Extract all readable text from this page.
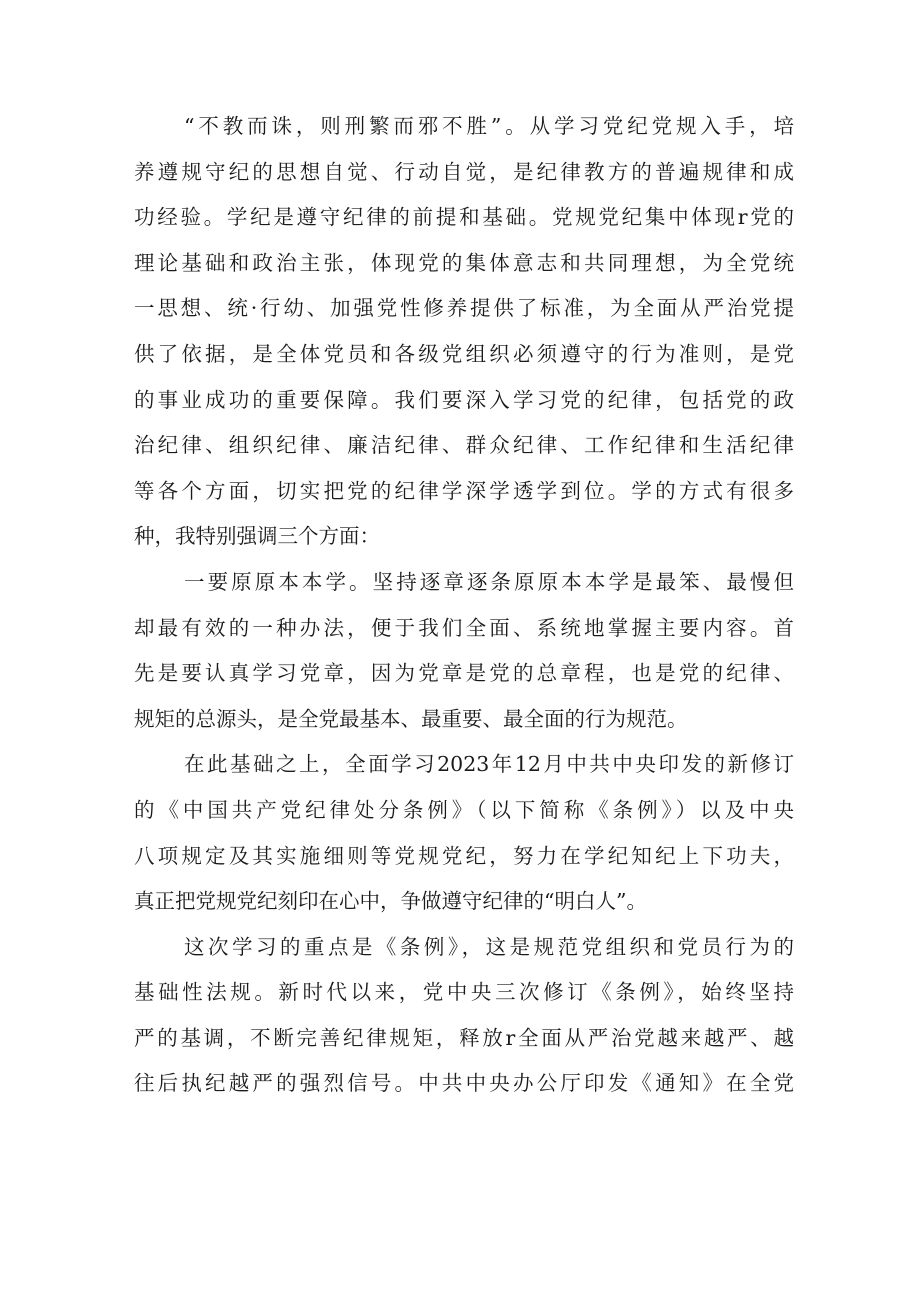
“不教而诛，则刑繁而邪不胜”。从学习党纪党规入手，培
养遵规守纪的思想自觉、行动自觉，是纪律教方的普遍规律和成
功经验。学纪是遵守纪律的前提和基础。党规党纪集中体现r党的
理论基础和政治主张，体现党的集体意志和共同理想，为全党统
一思想、统·行幼、加强党性修养提供了标准，为全面从严治党提
供了依据，是全体党员和各级党组织必须遵守的行为准则，是党
的事业成功的重要保障。我们要深入学习党的纪律，包括党的政
治纪律、组织纪律、廉洁纪律、群众纪律、工作纪律和生活纪律
等各个方面，切实把党的纪律学深学透学到位。学的方式有很多
种，我特别强调三个方面：
一要原原本本学。坚持逐章逐条原原本本学是最笨、最慢但
却最有效的一种办法，便于我们全面、系统地掌握主要内容。首
先是要认真学习党章，因为党章是党的总章程，也是党的纪律、
规矩的总源头，是全党最基本、最重要、最全面的行为规范。
在此基础之上，全面学习2023年12月中共中央印发的新修订
的《中国共产党纪律处分条例》（以下简称《条例》）以及中央
八项规定及其实施细则等党规党纪，努力在学纪知纪上下功夫，
真正把党规党纪刻印在心中，争做遵守纪律的“明白人”。
这次学习的重点是《条例》，这是规范党组织和党员行为的
基础性法规。新时代以来，党中央三次修订《条例》，始终坚持
严的基调，不断完善纪律规矩，释放r全面从严治党越来越严、越
往后执纪越严的强烈信号。中共中央办公厅印发《通知》在全党
